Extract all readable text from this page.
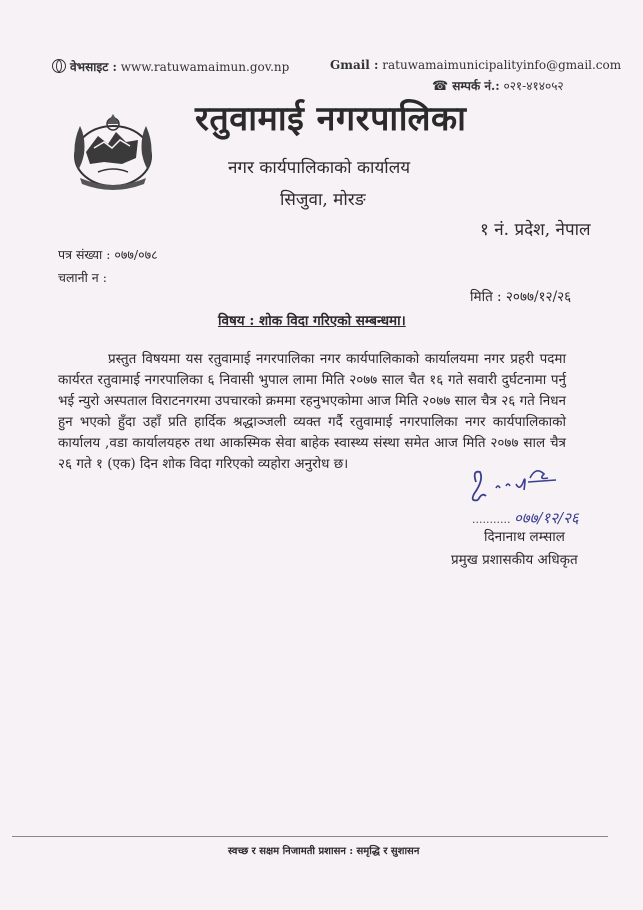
वेभसाइट : www.ratuwamaimun.gov.np	Gmail : ratuwamaimunicipalityinfo@gmail.com
☎ सम्पर्क नं.: ०२१-४१४०५२
रतुवामाई नगरपालिका
नगर कार्यपालिकाको कार्यालय
सिजुवा, मोरङ
१ नं. प्रदेश, नेपाल
पत्र संख्या : ०७७/०७८
चलानी न :
मिति : २०७७/१२/२६
विषय : शोक विदा गरिएको सम्बन्धमा।
प्रस्तुत विषयमा यस रतुवामाई नगरपालिका नगर कार्यपालिकाको कार्यालयमा नगर प्रहरी पदमा कार्यरत रतुवामाई नगरपालिका ६ निवासी भुपाल लामा मिति २०७७ साल चैत १६ गते सवारी दुर्घटनामा पर्नु भई न्युरो अस्पताल विराटनगरमा उपचारको क्रममा रहनुभएकोमा आज मिति २०७७ साल चैत्र २६ गते निधन हुन भएको हुँदा उहाँ प्रति हार्दिक श्रद्धाञ्जली व्यक्त गर्दै रतुवामाई नगरपालिका नगर कार्यपालिकाको कार्यालय ,वडा कार्यालयहरु तथा आकस्मिक सेवा बाहेक स्वास्थ्य संस्था समेत आज मिति २०७७ साल चैत्र २६ गते १ (एक) दिन शोक विदा गरिएको व्यहोरा अनुरोध छ।
........... ०७७/१२/२६
दिनानाथ लम्साल
प्रमुख प्रशासकीय अधिकृत
स्वच्छ र सक्षम निजामती प्रशासन : समृद्धि र सुशासन
